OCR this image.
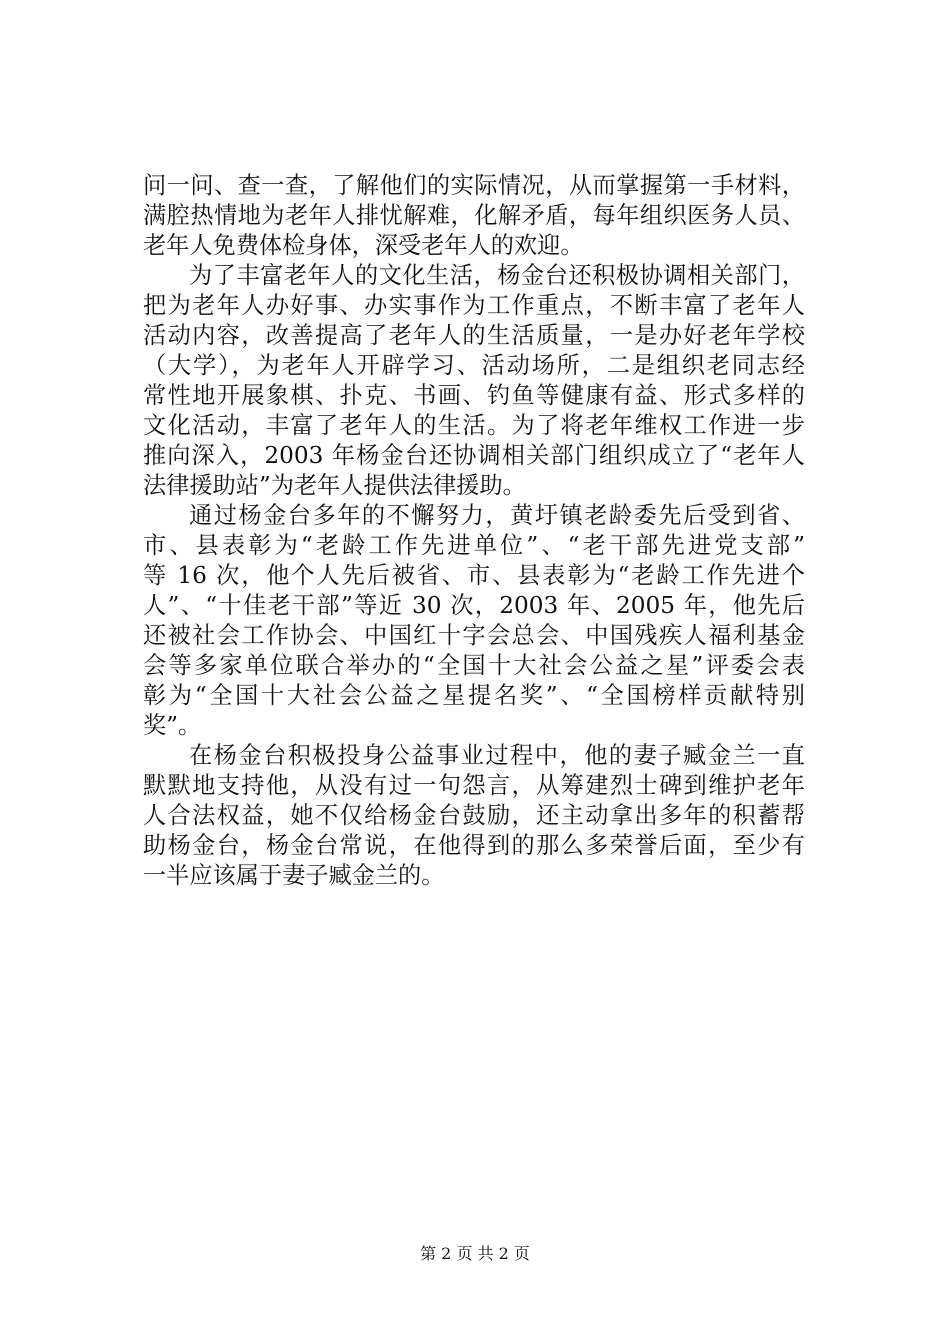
问一问、查一查，了解他们的实际情况，从而掌握第一手材料，
满腔热情地为老年人排忧解难，化解矛盾，每年组织医务人员、
老年人免费体检身体，深受老年人的欢迎。
为了丰富老年人的文化生活，杨金台还积极协调相关部门，
把为老年人办好事、办实事作为工作重点，不断丰富了老年人
活动内容，改善提高了老年人的生活质量，一是办好老年学校
（大学），为老年人开辟学习、活动场所，二是组织老同志经
常性地开展象棋、扑克、书画、钓鱼等健康有益、形式多样的
文化活动，丰富了老年人的生活。为了将老年维权工作进一步
推向深入，2003 年杨金台还协调相关部门组织成立了“老年人
法律援助站”为老年人提供法律援助。
通过杨金台多年的不懈努力，黄圩镇老龄委先后受到省、
市、县表彰为“老龄工作先进单位”、“老干部先进党支部”
等 16 次，他个人先后被省、市、县表彰为“老龄工作先进个
人”、“十佳老干部”等近 30 次，2003 年、2005 年，他先后
还被社会工作协会、中国红十字会总会、中国残疾人福利基金
会等多家单位联合举办的“全国十大社会公益之星”评委会表
彰为“全国十大社会公益之星提名奖”、“全国榜样贡献特别
奖”。
在杨金台积极投身公益事业过程中，他的妻子臧金兰一直
默默地支持他，从没有过一句怨言，从筹建烈士碑到维护老年
人合法权益，她不仅给杨金台鼓励，还主动拿出多年的积蓄帮
助杨金台，杨金台常说，在他得到的那么多荣誉后面，至少有
一半应该属于妻子臧金兰的。
第 2 页 共 2 页
